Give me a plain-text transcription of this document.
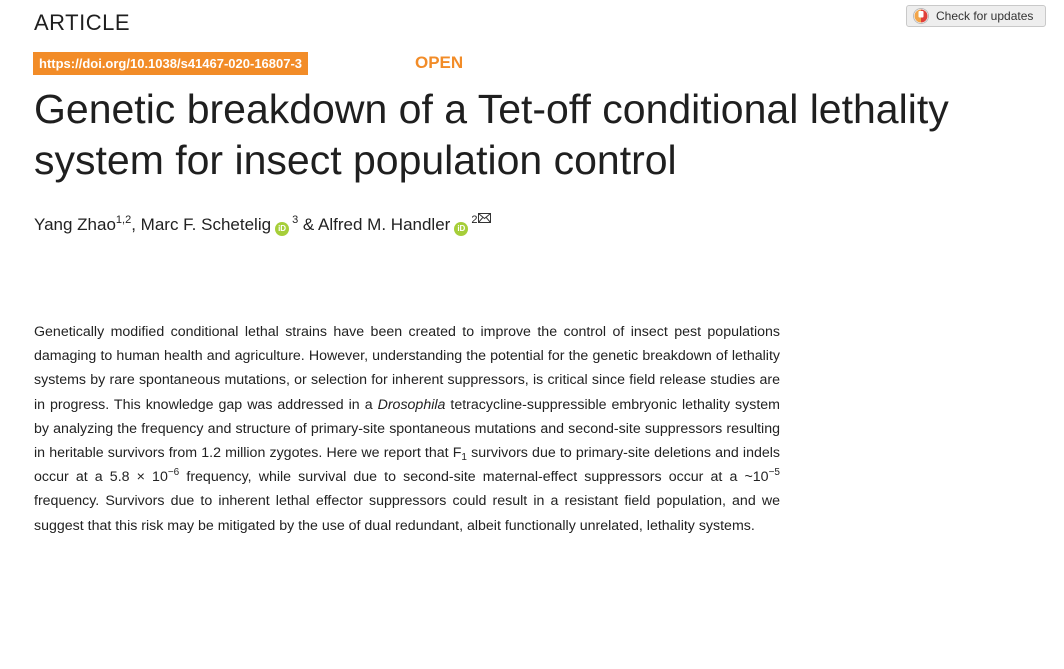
ARTICLE	Check for updates
https://doi.org/10.1038/s41467-020-16807-3	OPEN
Genetic breakdown of a Tet-off conditional lethality
system for insect population control
Yang Zhao$^{1,2}$, Marc F. Schetelig $iD^3$ & Alfred M. Handler $iD^2$

Genetically modified conditional lethal strains have been created to improve the control of insect pest populations damaging to human health and agriculture. However, understanding the potential for the genetic breakdown of lethality systems by rare spontaneous mutations, or selection for inherent suppressors, is critical since field release studies are in progress. This knowledge gap was addressed in a Drosophila tetracycline-suppressible embryonic lethality system by analyzing the frequency and structure of primary-site spontaneous mutations and second-site suppressors resulting in heritable survivors from 1.2 million zygotes. Here we report that $F_1$ survivors due to primary-site deletions and indels occur at a $5.8 \times 10^{-6}$ frequency, while survival due to second-site maternal-effect suppressors occur at a $\sim 10^{-5}$ frequency. Survivors due to inherent lethal effector suppressors could result in a resistant field population, and we suggest that this risk may be mitigated by the use of dual redundant, albeit functionally unrelated, lethality systems.
